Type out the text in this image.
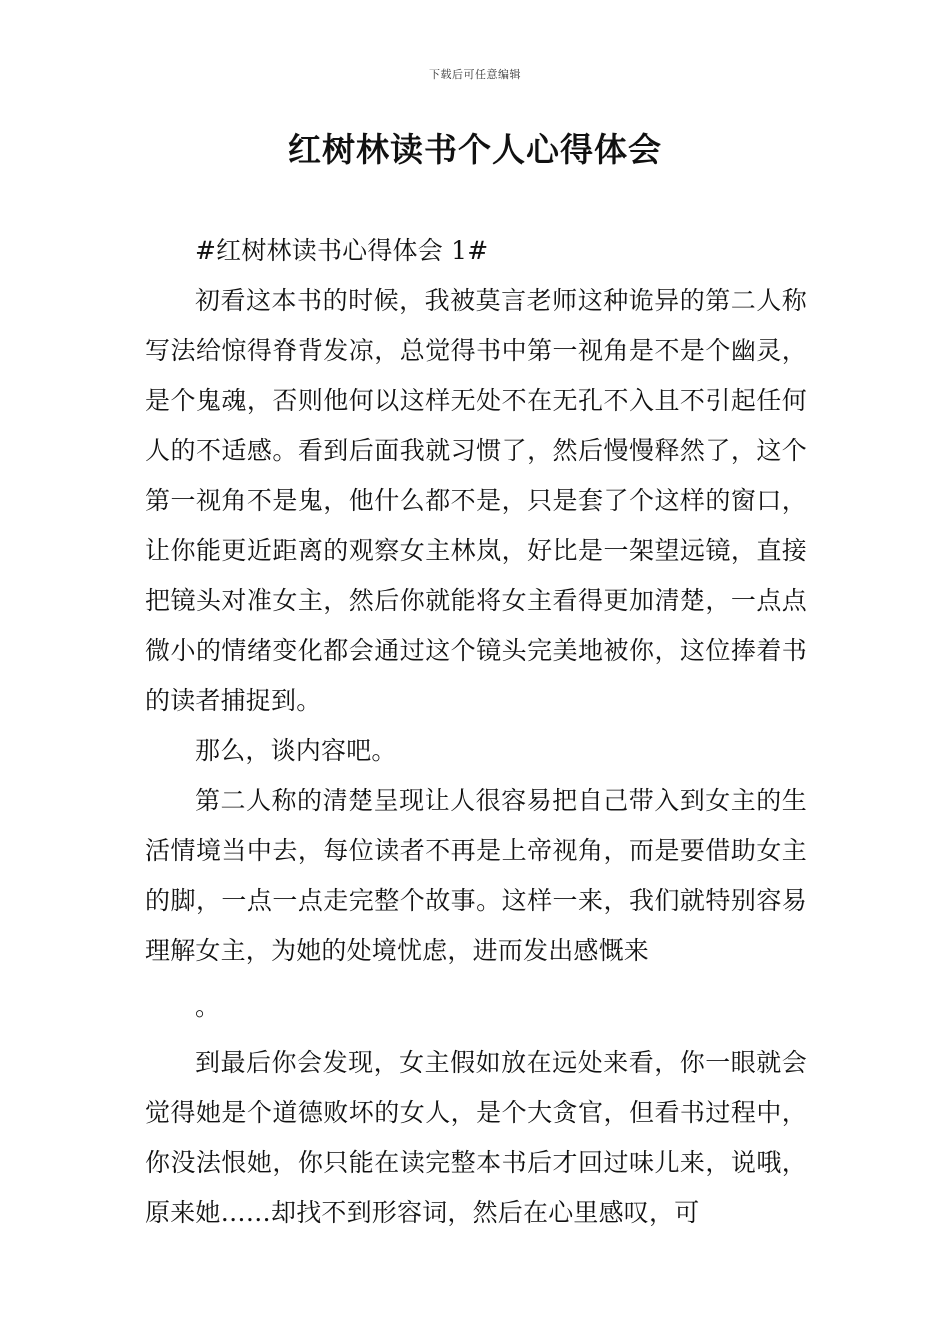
下载后可任意编辑
红树林读书个人心得体会

#红树林读书心得体会 1#

初看这本书的时候，我被莫言老师这种诡异的第二人称写法给惊得脊背发凉，总觉得书中第一视角是不是个幽灵，是个鬼魂，否则他何以这样无处不在无孔不入且不引起任何人的不适感。看到后面我就习惯了，然后慢慢释然了，这个第一视角不是鬼，他什么都不是，只是套了个这样的窗口，让你能更近距离的观察女主林岚，好比是一架望远镜，直接把镜头对准女主，然后你就能将女主看得更加清楚，一点点微小的情绪变化都会通过这个镜头完美地被你，这位捧着书的读者捕捉到。

那么，谈内容吧。

第二人称的清楚呈现让人很容易把自己带入到女主的生活情境当中去，每位读者不再是上帝视角，而是要借助女主的脚，一点一点走完整个故事。这样一来，我们就特别容易理解女主，为她的处境忧虑，进而发出感慨来

。

到最后你会发现，女主假如放在远处来看，你一眼就会觉得她是个道德败坏的女人，是个大贪官，但看书过程中，你没法恨她，你只能在读完整本书后才回过味儿来，说哦，原来她……却找不到形容词，然后在心里感叹，可
